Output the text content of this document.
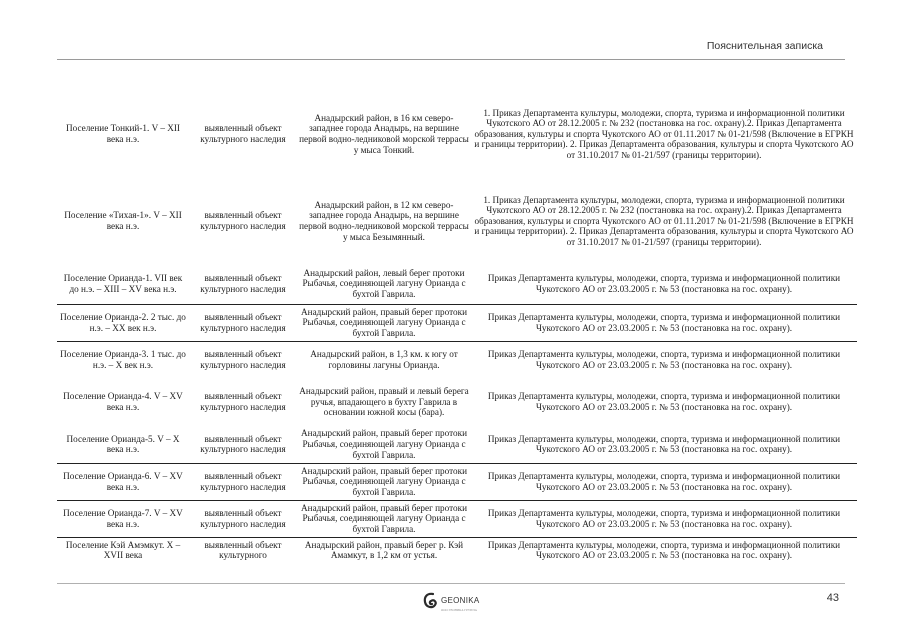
Пояснительная записка
Поселение Тонкий-1. V – XII века н.э.	выявленный объект культурного наследия	Анадырский район, в 16 км северо-западнее города Анадырь, на вершине первой водно-ледниковой морской террасы у мыса Тонкий.	1. Приказ Департамента культуры, молодежи, спорта, туризма и информационной политики Чукотского АО от 28.12.2005 г. № 232 (постановка на гос. охрану).2. Приказ Департамента образования, культуры и спорта Чукотского АО от 01.11.2017 № 01-21/598 (Включение в ЕГРКН и границы территории). 2. Приказ Департамента образования, культуры и спорта Чукотского АО от 31.10.2017 № 01-21/597 (границы территории).
Поселение «Тихая-1». V – XII века н.э.	выявленный объект культурного наследия	Анадырский район, в 12 км северо-западнее города Анадырь, на вершине первой водно-ледниковой морской террасы у мыса Безымянный.	1. Приказ Департамента культуры, молодежи, спорта, туризма и информационной политики Чукотского АО от 28.12.2005 г. № 232 (постановка на гос. охрану).2. Приказ Департамента образования, культуры и спорта Чукотского АО от 01.11.2017 № 01-21/598 (Включение в ЕГРКН и границы территории). 2. Приказ Департамента образования, культуры и спорта Чукотского АО от 31.10.2017 № 01-21/597 (границы территории).
Поселение Ориандa-1. VII век до н.э. – XIII – XV века н.э.	выявленный объект культурного наследия	Анадырский район, левый берег протоки Рыбачья, соединяющей лагуну Орианда с бухтой Гаврила.	Приказ Департамента культуры, молодежи, спорта, туризма и информационной политики Чукотского АО от 23.03.2005 г. № 53 (постановка на гос. охрану).
Поселение Орианда-2. 2 тыс. до н.э. – XX век н.э.	выявленный объект культурного наследия	Анадырский район, правый берег протоки Рыбачья, соединяющей лагуну Орианда с бухтой Гаврила.	Приказ Департамента культуры, молодежи, спорта, туризма и информационной политики Чукотского АО от 23.03.2005 г. № 53 (постановка на гос. охрану).
Поселение Орианда-3. 1 тыс. до н.э. – X век н.э.	выявленный объект культурного наследия	Анадырский район, в 1,3 км. к югу от горловины лагуны Орианда.	Приказ Департамента культуры, молодежи, спорта, туризма и информационной политики Чукотского АО от 23.03.2005 г. № 53 (постановка на гос. охрану).
Поселение Орианда-4. V – XV века н.э.	выявленный объект культурного наследия	Анадырский район, правый и левый берега ручья, впадающего в бухту Гаврила в основании южной косы (бара).	Приказ Департамента культуры, молодежи, спорта, туризма и информационной политики Чукотского АО от 23.03.2005 г. № 53 (постановка на гос. охрану).
Поселение Орианда-5. V – X века н.э.	выявленный объект культурного наследия	Анадырский район, правый берег протоки Рыбачья, соединяющей лагуну Орианда с бухтой Гаврила.	Приказ Департамента культуры, молодежи, спорта, туризма и информационной политики Чукотского АО от 23.03.2005 г. № 53 (постановка на гос. охрану).
Поселение Орианда-6. V – XV века н.э.	выявленный объект культурного наследия	Анадырский район, правый берег протоки Рыбачья, соединяющей лагуну Орианда с бухтой Гаврила.	Приказ Департамента культуры, молодежи, спорта, туризма и информационной политики Чукотского АО от 23.03.2005 г. № 53 (постановка на гос. охрану).
Поселение Орианда-7. V – XV века н.э.	выявленный объект культурного наследия	Анадырский район, правый берег протоки Рыбачья, соединяющей лагуну Орианда с бухтой Гаврила.	Приказ Департамента культуры, молодежи, спорта, туризма и информационной политики Чукотского АО от 23.03.2005 г. № 53 (постановка на гос. охрану).
Поселение Кэй Амэмкут. X – XVII века	выявленный объект культурного	Анадырский район, правый берег р. Кэй Амамкут, в 1,2 км от устья.	Приказ Департамента культуры, молодежи, спорта, туризма и информационной политики Чукотского АО от 23.03.2005 г. № 53 (постановка на гос. охрану).
GEONIKA
ООО ГЕОНИКА ГРУППА
43
